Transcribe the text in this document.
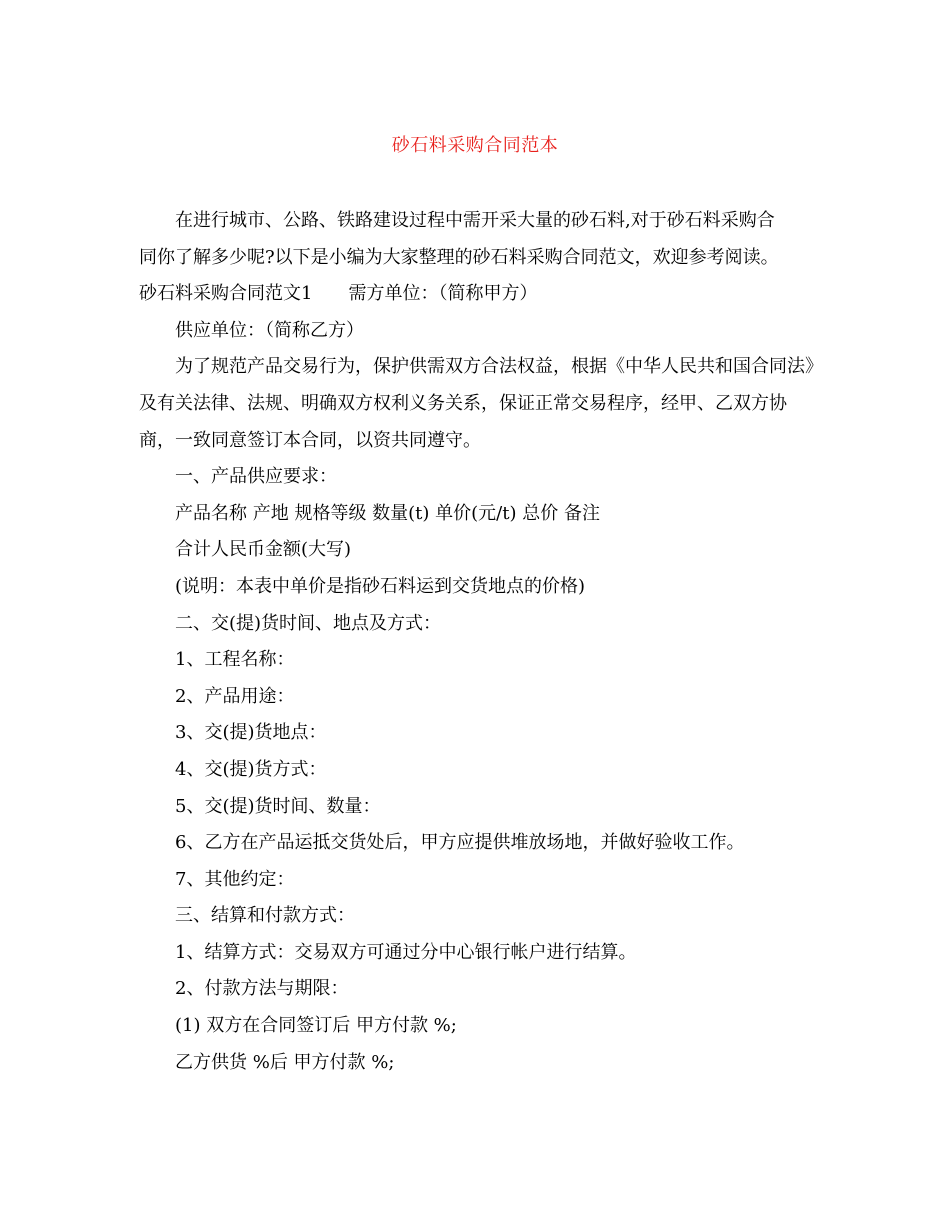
砂石料采购合同范本
在进行城市、公路、铁路建设过程中需开采大量的砂石料,对于砂石料采购合
同你了解多少呢?以下是小编为大家整理的砂石料采购合同范文，欢迎参考阅读。
砂石料采购合同范文1　　需方单位：（简称甲方）

供应单位：（简称乙方）

为了规范产品交易行为，保护供需双方合法权益，根据《中华人民共和国合同法》及有关法律、法规、明确双方权利义务关系，保证正常交易程序，经甲、乙双方协商，一致同意签订本合同，以资共同遵守。

一、产品供应要求：

产品名称 产地 规格等级 数量(t) 单价(元/t) 总价 备注

合计人民币金额(大写)

(说明：本表中单价是指砂石料运到交货地点的价格)

二、交(提)货时间、地点及方式：

1、工程名称：

2、产品用途：

3、交(提)货地点：

4、交(提)货方式：

5、交(提)货时间、数量：

6、乙方在产品运抵交货处后，甲方应提供堆放场地，并做好验收工作。

7、其他约定：

三、结算和付款方式：

1、结算方式：交易双方可通过分中心银行帐户进行结算。

2、付款方法与期限：

(1) 双方在合同签订后 甲方付款 %;

乙方供货 %后 甲方付款 %;
